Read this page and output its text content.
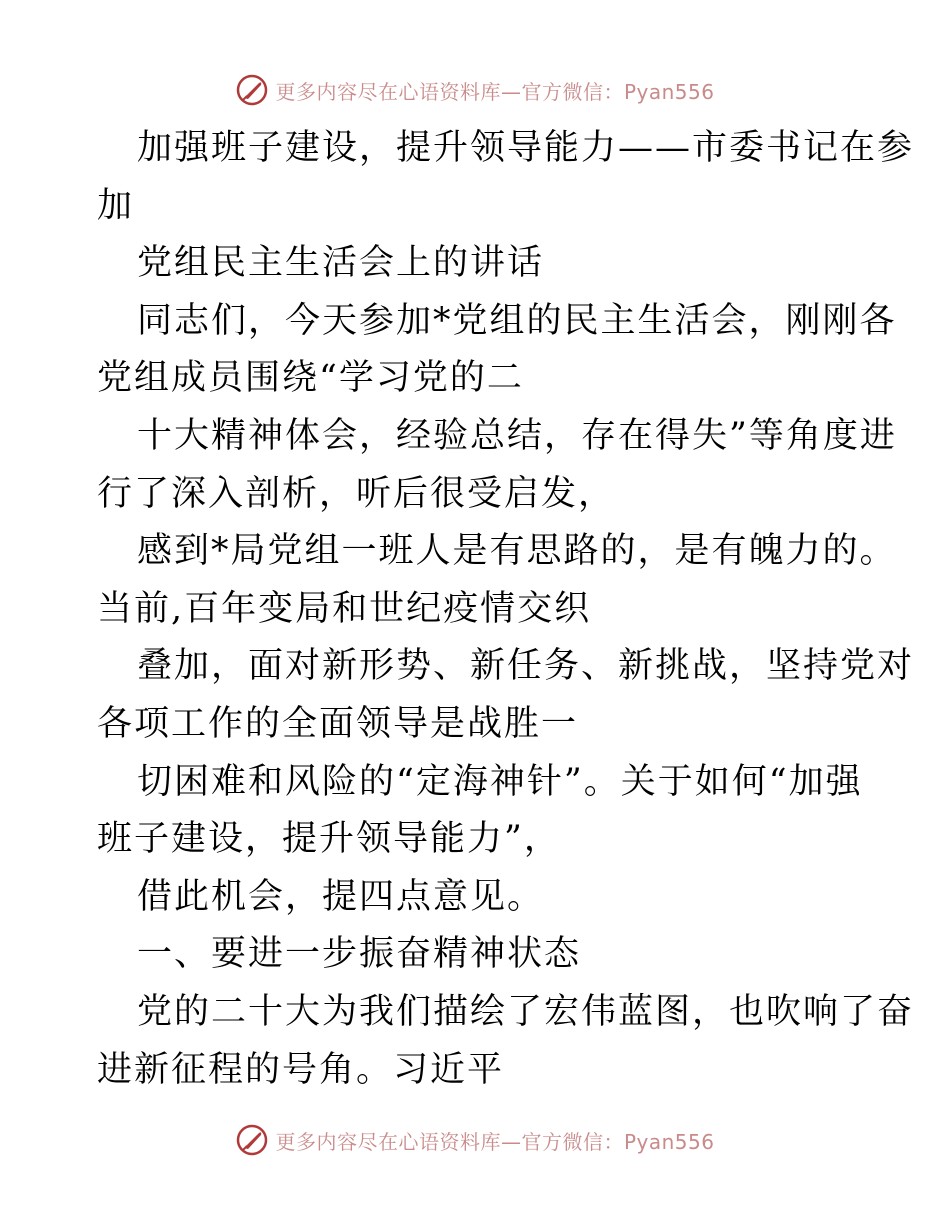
更多内容尽在心语资料库—官方微信：Pyan556
加强班子建设，提升领导能力——市委书记在参
加
党组民主生活会上的讲话
同志们，今天参加*党组的民主生活会，刚刚各
党组成员围绕“学习党的二
十大精神体会，经验总结，存在得失”等角度进
行了深入剖析，听后很受启发，
感到*局党组一班人是有思路的，是有魄力的。
当前,百年变局和世纪疫情交织
叠加，面对新形势、新任务、新挑战，坚持党对
各项工作的全面领导是战胜一
切困难和风险的“定海神针”。关于如何“加强
班子建设，提升领导能力”，
借此机会，提四点意见。
一、要进一步振奋精神状态
党的二十大为我们描绘了宏伟蓝图，也吹响了奋
进新征程的号角。习近平
更多内容尽在心语资料库—官方微信：Pyan556
